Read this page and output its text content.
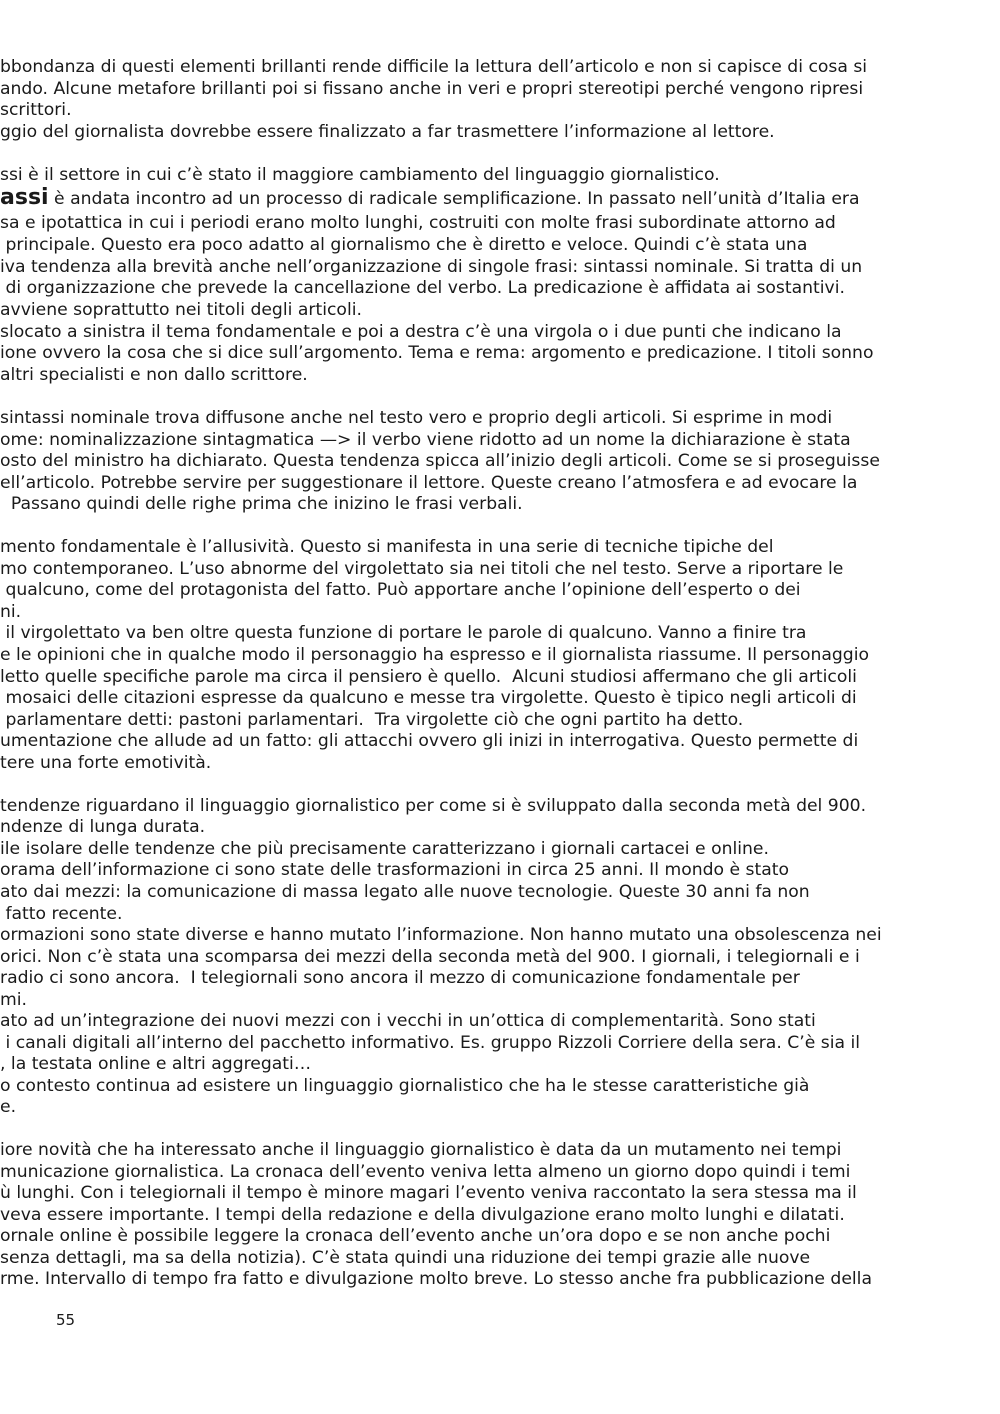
bbondanza di questi elementi brillanti rende difficile la lettura dell’articolo e non si capisce di cosa si
ando. Alcune metafore brillanti poi si fissano anche in veri e propri stereotipi perché vengono ripresi
scrittori.
ggio del giornalista dovrebbe essere finalizzato a far trasmettere l’informazione al lettore.
ssi è il settore in cui c’è stato il maggiore cambiamento del linguaggio giornalistico.
assi è andata incontro ad un processo di radicale semplificazione. In passato nell’unità d’Italia era
sa e ipotattica in cui i periodi erano molto lunghi, costruiti con molte frasi subordinate attorno ad
principale. Questo era poco adatto al giornalismo che è diretto e veloce. Quindi c’è stata una
iva tendenza alla brevità anche nell’organizzazione di singole frasi: sintassi nominale. Si tratta di un
di organizzazione che prevede la cancellazione del verbo. La predicazione è affidata ai sostantivi.
avviene soprattutto nei titoli degli articoli.
slocato a sinistra il tema fondamentale e poi a destra c’è una virgola o i due punti che indicano la
ione ovvero la cosa che si dice sull’argomento. Tema e rema: argomento e predicazione. I titoli sonno
altri specialisti e non dallo scrittore.
sintassi nominale trova diffusone anche nel testo vero e proprio degli articoli. Si esprime in modi
ome: nominalizzazione sintagmatica —> il verbo viene ridotto ad un nome la dichiarazione è stata
osto del ministro ha dichiarato. Questa tendenza spicca all’inizio degli articoli. Come se si proseguisse
ell’articolo. Potrebbe servire per suggestionare il lettore. Queste creano l’atmosfera e ad evocare la
Passano quindi delle righe prima che inizino le frasi verbali.
mento fondamentale è l’allusività. Questo si manifesta in una serie di tecniche tipiche del
mo contemporaneo. L’uso abnorme del virgolettato sia nei titoli che nel testo. Serve a riportare le
qualcuno, come del protagonista del fatto. Può apportare anche l’opinione dell’esperto o dei
ni.
il virgolettato va ben oltre questa funzione di portare le parole di qualcuno. Vanno a finire tra
e le opinioni che in qualche modo il personaggio ha espresso e il giornalista riassume. Il personaggio
letto quelle specifiche parole ma circa il pensiero è quello.  Alcuni studiosi affermano che gli articoli
mosaici delle citazioni espresse da qualcuno e messe tra virgolette. Questo è tipico negli articoli di
parlamentare detti: pastoni parlamentari.  Tra virgolette ciò che ogni partito ha detto.
umentazione che allude ad un fatto: gli attacchi ovvero gli inizi in interrogativa. Questo permette di
tere una forte emotività.
tendenze riguardano il linguaggio giornalistico per come si è sviluppato dalla seconda metà del 900.
ndenze di lunga durata.
ile isolare delle tendenze che più precisamente caratterizzano i giornali cartacei e online.
orama dell’informazione ci sono state delle trasformazioni in circa 25 anni. Il mondo è stato
ato dai mezzi: la comunicazione di massa legato alle nuove tecnologie. Queste 30 anni fa non
fatto recente.
ormazioni sono state diverse e hanno mutato l’informazione. Non hanno mutato una obsolescenza nei
orici. Non c’è stata una scomparsa dei mezzi della seconda metà del 900. I giornali, i telegiornali e i
radio ci sono ancora.  I telegiornali sono ancora il mezzo di comunicazione fondamentale per
mi.
ato ad un’integrazione dei nuovi mezzi con i vecchi in un’ottica di complementarità. Sono stati
i canali digitali all’interno del pacchetto informativo. Es. gruppo Rizzoli Corriere della sera. C’è sia il
, la testata online e altri aggregati…
o contesto continua ad esistere un linguaggio giornalistico che ha le stesse caratteristiche già
e.
iore novità che ha interessato anche il linguaggio giornalistico è data da un mutamento nei tempi
municazione giornalistica. La cronaca dell’evento veniva letta almeno un giorno dopo quindi i temi
ù lunghi. Con i telegiornali il tempo è minore magari l’evento veniva raccontato la sera stessa ma il
veva essere importante. I tempi della redazione e della divulgazione erano molto lunghi e dilatati.
ornale online è possibile leggere la cronaca dell’evento anche un’ora dopo e se non anche pochi
senza dettagli, ma sa della notizia). C’è stata quindi una riduzione dei tempi grazie alle nuove
rme. Intervallo di tempo fra fatto e divulgazione molto breve. Lo stesso anche fra pubblicazione della
55
